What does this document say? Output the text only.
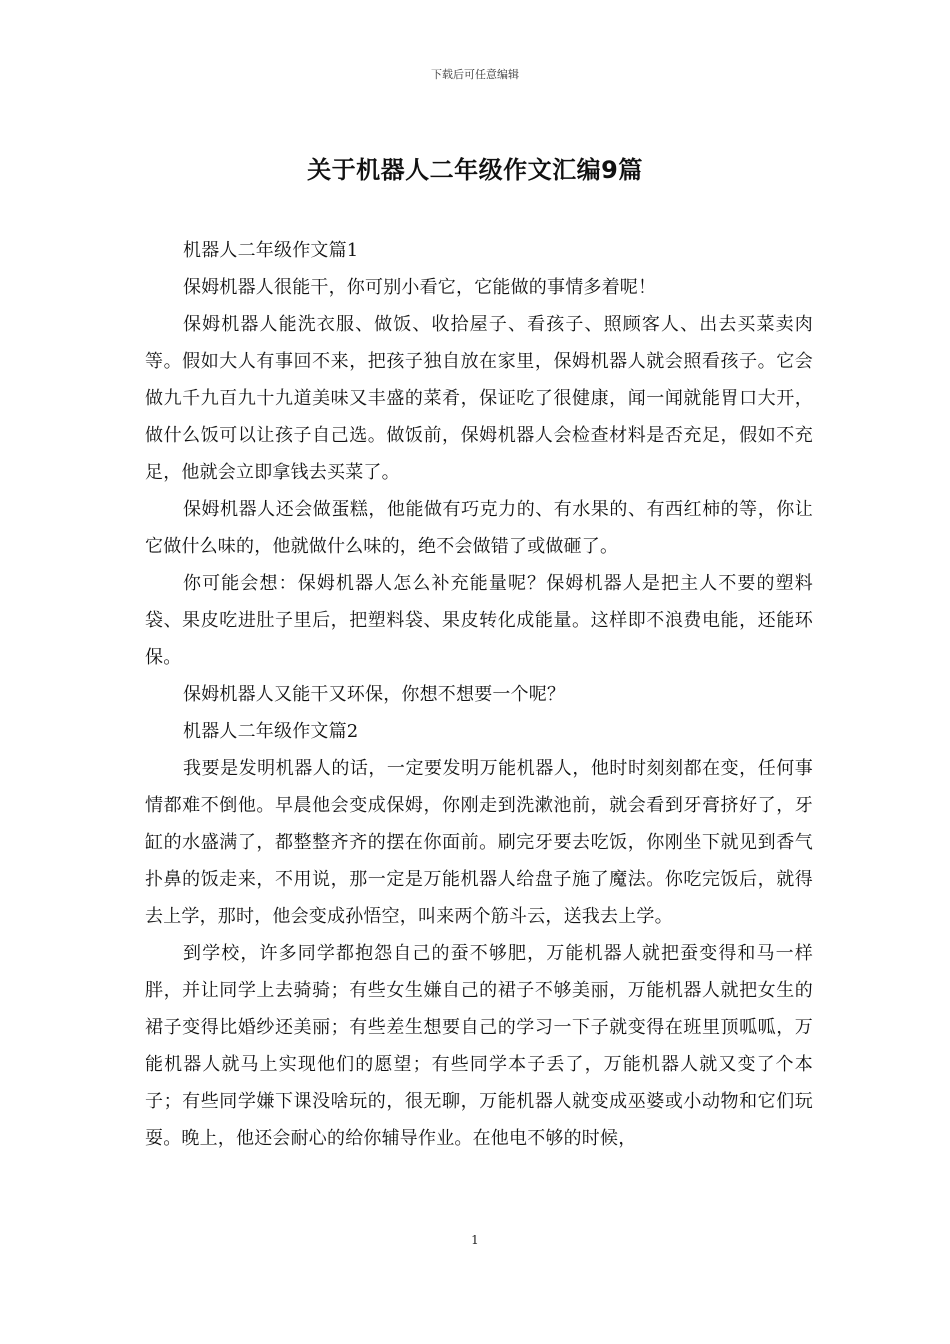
下载后可任意编辑
关于机器人二年级作文汇编9篇

机器人二年级作文篇1

保姆机器人很能干，你可别小看它，它能做的事情多着呢！

保姆机器人能洗衣服、做饭、收拾屋子、看孩子、照顾客人、出去买菜卖肉等。假如大人有事回不来，把孩子独自放在家里，保姆机器人就会照看孩子。它会做九千九百九十九道美味又丰盛的菜肴，保证吃了很健康，闻一闻就能胃口大开，做什么饭可以让孩子自己选。做饭前，保姆机器人会检查材料是否充足，假如不充足，他就会立即拿钱去买菜了。

保姆机器人还会做蛋糕，他能做有巧克力的、有水果的、有西红柿的等，你让它做什么味的，他就做什么味的，绝不会做错了或做砸了。

你可能会想：保姆机器人怎么补充能量呢？保姆机器人是把主人不要的塑料袋、果皮吃进肚子里后，把塑料袋、果皮转化成能量。这样即不浪费电能，还能环保。

保姆机器人又能干又环保，你想不想要一个呢？

机器人二年级作文篇2

我要是发明机器人的话，一定要发明万能机器人，他时时刻刻都在变，任何事情都难不倒他。早晨他会变成保姆，你刚走到洗漱池前，就会看到牙膏挤好了，牙缸的水盛满了，都整整齐齐的摆在你面前。刷完牙要去吃饭，你刚坐下就见到香气扑鼻的饭走来，不用说，那一定是万能机器人给盘子施了魔法。你吃完饭后，就得去上学，那时，他会变成孙悟空，叫来两个筋斗云，送我去上学。

到学校，许多同学都抱怨自己的蚕不够肥，万能机器人就把蚕变得和马一样胖，并让同学上去骑骑；有些女生嫌自己的裙子不够美丽，万能机器人就把女生的裙子变得比婚纱还美丽；有些差生想要自己的学习一下子就变得在班里顶呱呱，万能机器人就马上实现他们的愿望；有些同学本子丢了，万能机器人就又变了个本子；有些同学嫌下课没啥玩的，很无聊，万能机器人就变成巫婆或小动物和它们玩耍。晚上，他还会耐心的给你辅导作业。在他电不够的时候，

1
